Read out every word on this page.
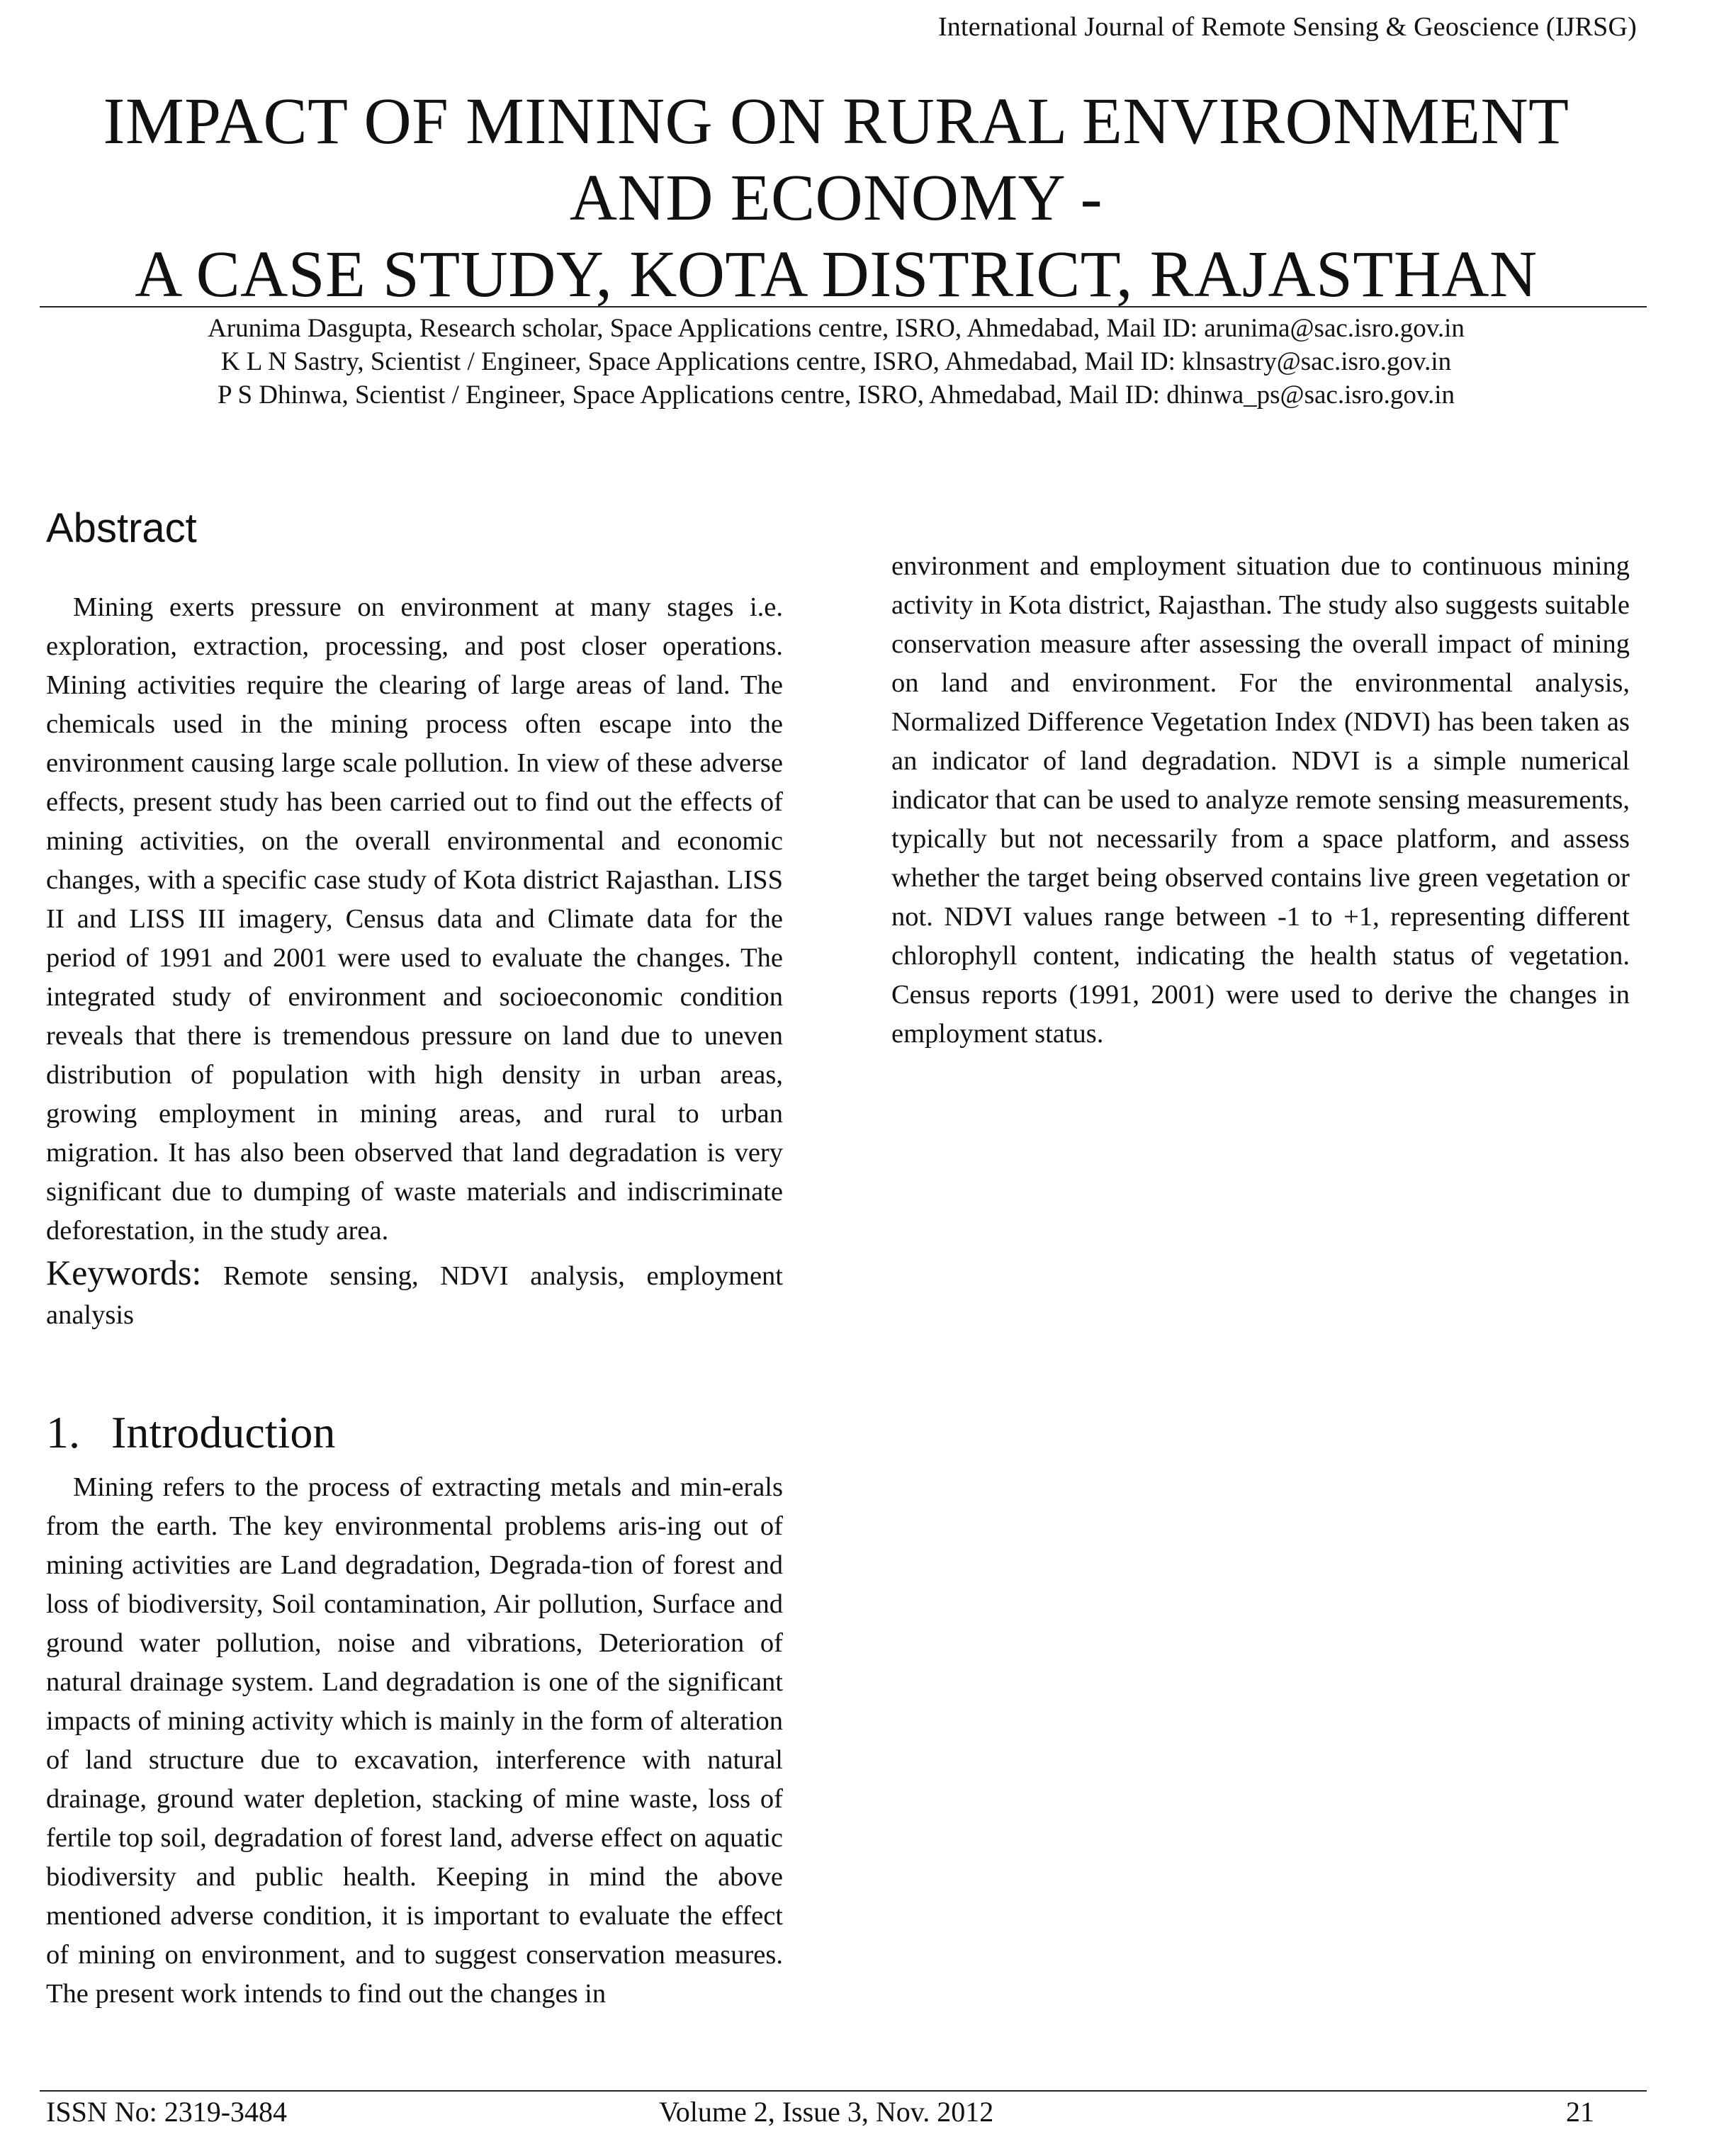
International Journal of Remote Sensing & Geoscience (IJRSG)
IMPACT OF MINING ON RURAL ENVIRONMENT
AND ECONOMY -
A CASE STUDY, KOTA DISTRICT, RAJASTHAN
Arunima Dasgupta, Research scholar, Space Applications centre, ISRO, Ahmedabad, Mail ID: arunima@sac.isro.gov.in
K L N Sastry, Scientist / Engineer, Space Applications centre, ISRO, Ahmedabad, Mail ID: klnsastry@sac.isro.gov.in
P S Dhinwa, Scientist / Engineer, Space Applications centre, ISRO, Ahmedabad, Mail ID: dhinwa_ps@sac.isro.gov.in
Abstract

Mining exerts pressure on environment at many stages i.e. exploration, extraction, processing, and post closer operations. Mining activities require the clearing of large areas of land. The chemicals used in the mining process often escape into the environment causing large scale pollution. In view of these adverse effects, present study has been carried out to find out the effects of mining activities, on the overall environmental and economic changes, with a specific case study of Kota district Rajasthan. LISS II and LISS III imagery, Census data and Climate data for the period of 1991 and 2001 were used to evaluate the changes. The integrated study of environment and socioeconomic condition reveals that there is tremendous pressure on land due to uneven distribution of population with high density in urban areas, growing employment in mining areas, and rural to urban migration. It has also been observed that land degradation is very significant due to dumping of waste materials and indiscriminate deforestation, in the study area.

Keywords: Remote sensing, NDVI analysis, employment analysis

1. Introduction

Mining refers to the process of extracting metals and min-erals from the earth. The key environmental problems aris-ing out of mining activities are Land degradation, Degrada-tion of forest and loss of biodiversity, Soil contamination, Air pollution, Surface and ground water pollution, noise and vibrations, Deterioration of natural drainage system. Land degradation is one of the significant impacts of mining activity which is mainly in the form of alteration of land structure due to excavation, interference with natural drainage, ground water depletion, stacking of mine waste, loss of fertile top soil, degradation of forest land, adverse effect on aquatic biodiversity and public health. Keeping in mind the above mentioned adverse condition, it is important to evaluate the effect of mining on environment, and to suggest conservation measures. The present work intends to find out the changes in

environment and employment situation due to continuous mining activity in Kota district, Rajasthan. The study also suggests suitable conservation measure after assessing the overall impact of mining on land and environment. For the environmental analysis, Normalized Difference Vegetation Index (NDVI) has been taken as an indicator of land degradation. NDVI is a simple numerical indicator that can be used to analyze remote sensing measurements, typically but not necessarily from a space platform, and assess whether the target being observed contains live green vegetation or not. NDVI values range between -1 to +1, representing different chlorophyll content, indicating the health status of vegetation. Census reports (1991, 2001) were used to derive the changes in employment status.

ISSN No: 2319-3484	Volume 2, Issue 3, Nov. 2012	21
